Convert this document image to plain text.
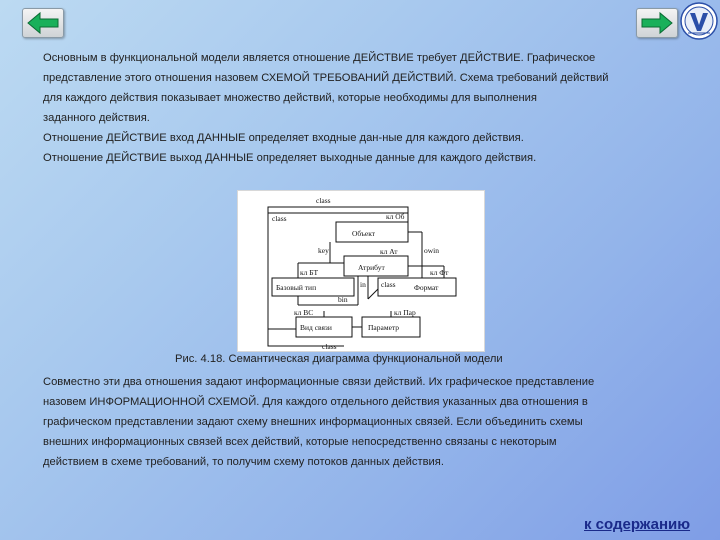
Основным в функциональной модели является отношение ДЕЙСТВИЕ требует ДЕЙСТВИЕ. Графическое

представление этого отношения назовем СХЕМОЙ ТРЕБОВАНИЙ ДЕЙСТВИЙ. Схема требований действий

для каждого действия показывает множество действий, которые необходимы для выполнения

заданного действия.

Отношение ДЕЙСТВИЕ вход ДАННЫЕ определяет входные дан-ные для каждого действия.

Отношение ДЕЙСТВИЕ выход ДАННЫЕ определяет выходные данные для каждого действия.

class
class	кл Об
Объект
key	owin
кл Ат
Атрибут
кл БТ	кл Фт
Базовый тип	in class Формат
bin
кл ВС	кл Пар
Вид связи	Параметр
class
Рис. 4.18. Семантическая диаграмма функциональной модели

Совместно эти два отношения задают информационные связи действий. Их графическое представление

назовем ИНФОРМАЦИОННОЙ СХЕМОЙ. Для каждого отдельного действия указанных два отношения в

графическом представлении задают схему внешних информационных связей. Если объединить схемы

внешних информационных связей всех действий, которые непосредственно связаны с некоторым

действием в схеме требований, то получим схему потоков данных действия.

к содержанию
